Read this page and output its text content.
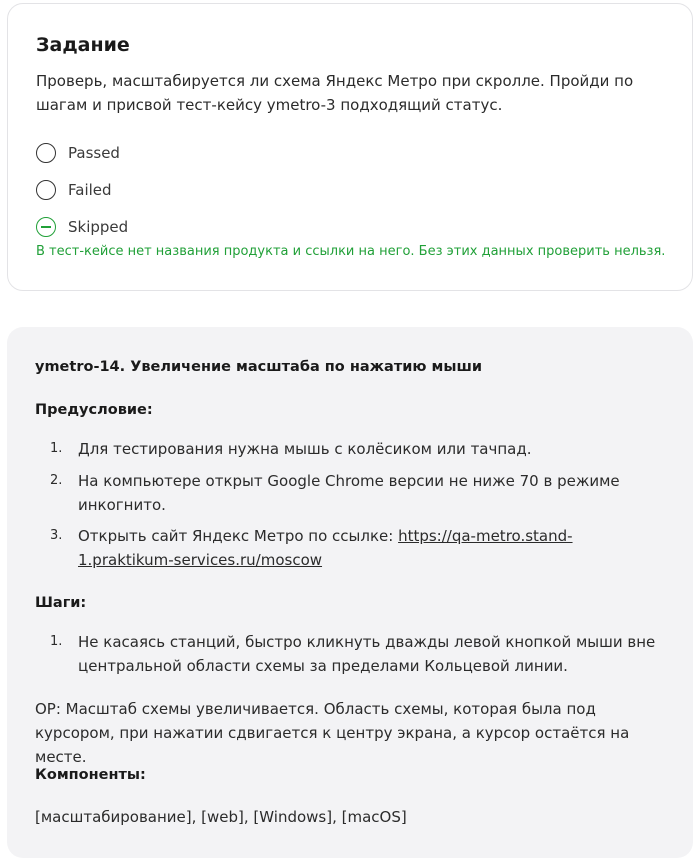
Задание

Проверь, масштабируется ли схема Яндекс Метро при скролле. Пройди по шагам и присвой тест-кейсу ymetro-3 подходящий статус.

Passed
Failed
Skipped

В тест-кейсе нет названия продукта и ссылки на него. Без этих данных проверить нельзя.

ymetro-14. Увеличение масштаба по нажатию мыши

Предусловие:

1.	Для тестирования нужна мышь с колёсиком или тачпад.
2.	На компьютере открыт Google Chrome версии не ниже 70 в режиме инкогнито.
3.	Открыть сайт Яндекс Метро по ссылке: https://qa-metro.stand-1.praktikum-services.ru/moscow

Шаги:

1.	Не касаясь станций, быстро кликнуть дважды левой кнопкой мыши вне центральной области схемы за пределами Кольцевой линии.

ОР: Масштаб схемы увеличивается. Область схемы, которая была под курсором, при нажатии сдвигается к центру экрана, а курсор остаётся на месте.

Компоненты:

[масштабирование], [web], [Windows], [macOS]
